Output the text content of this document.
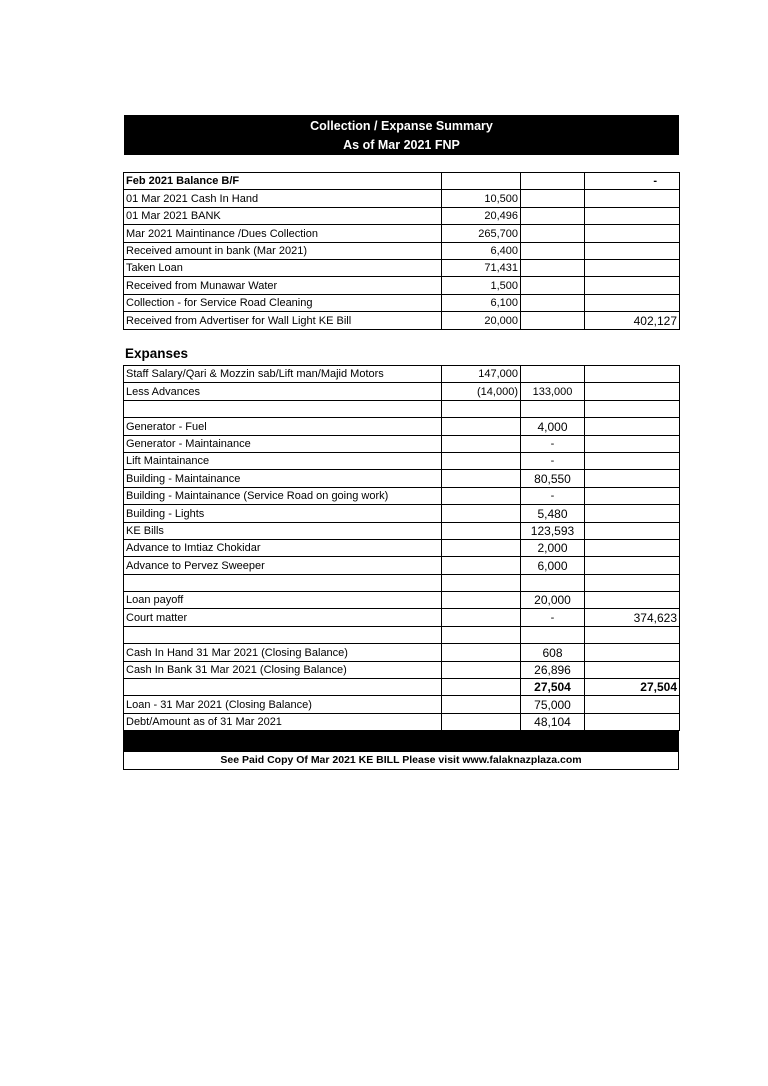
Collection / Expanse Summary
As of Mar 2021 FNP
Feb 2021 Balance B/F			-
01 Mar 2021 Cash In Hand	10,500		
01 Mar 2021 BANK	20,496		
Mar 2021 Maintinance /Dues Collection	265,700		
Received amount in bank (Mar 2021)	6,400		
Taken Loan	71,431		
Received from Munawar Water	1,500		
Collection - for Service Road Cleaning	6,100		
Received from Advertiser for Wall Light KE Bill	20,000		402,127
Expanses
Staff Salary/Qari & Mozzin sab/Lift man/Majid Motors	147,000		
Less Advances	(14,000)	133,000	

Generator - Fuel		4,000	
Generator - Maintainance		-	
Lift Maintainance		-	
Building - Maintainance		80,550	
Building - Maintainance (Service Road on going work)		-	
Building - Lights		5,480	
KE Bills		123,593	
Advance to Imtiaz Chokidar		2,000	
Advance to Pervez Sweeper		6,000	

Loan payoff		20,000	
Court matter		-	374,623

Cash In Hand 31 Mar 2021 (Closing Balance)		608	
Cash In Bank 31 Mar 2021 (Closing Balance)		26,896	
		27,504	27,504
Loan - 31 Mar 2021 (Closing Balance)		75,000	
Debt/Amount as of 31 Mar 2021		48,104	
See Paid Copy Of Mar 2021 KE BILL Please visit www.falaknazplaza.com
